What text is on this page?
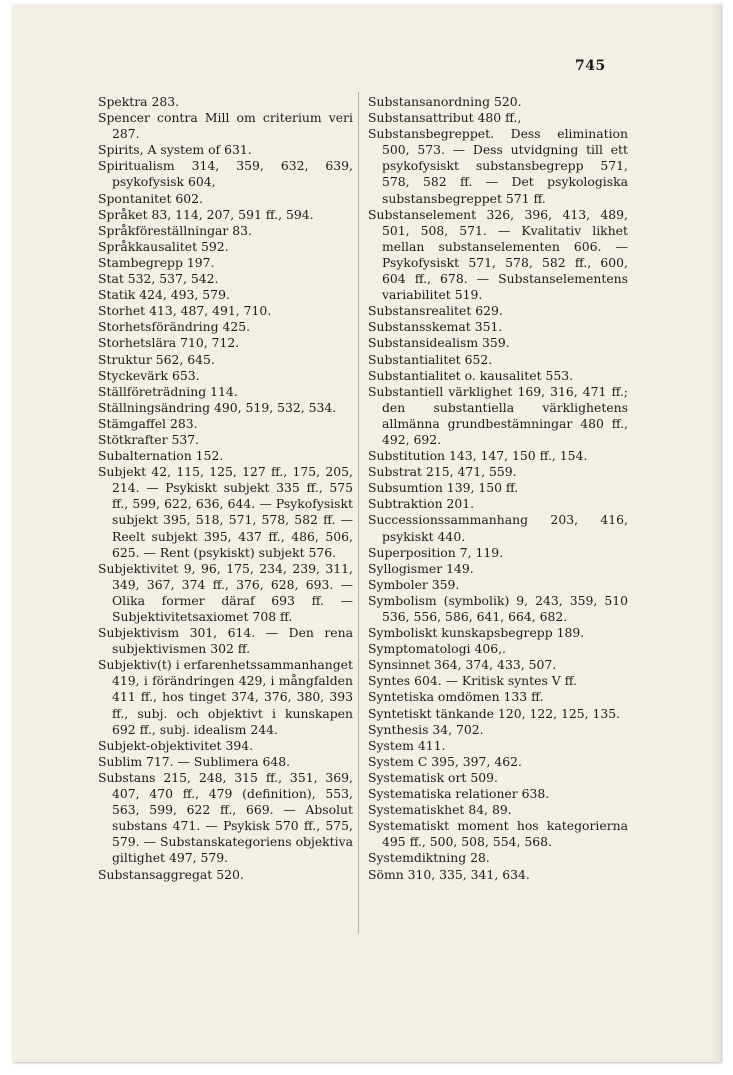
745
Spektra 283.
Spencer contra Mill om criterium veri 287.
Spirits, A system of 631.
Spiritualism 314, 359, 632, 639, psykofysisk 604,
Spontanitet 602.
Språket 83, 114, 207, 591 ff., 594.
Språkföreställningar 83.
Språkkausalitet 592.
Stambegrepp 197.
Stat 532, 537, 542.
Statik 424, 493, 579.
Storhet 413, 487, 491, 710.
Storhetsförändring 425.
Storhetslära 710, 712.
Struktur 562, 645.
Styckevärk 653.
Ställföreträdning 114.
Ställningsändring 490, 519, 532, 534.
Stämgaffel 283.
Stötkrafter 537.
Subalternation 152.
Subjekt 42, 115, 125, 127 ff., 175, 205, 214. — Psykiskt subjekt 335 ff., 575 ff., 599, 622, 636, 644. — Psykofysiskt subjekt 395, 518, 571, 578, 582 ff. — Reelt subjekt 395, 437 ff., 486, 506, 625. — Rent (psykiskt) subjekt 576.
Subjektivitet 9, 96, 175, 234, 239, 311, 349, 367, 374 ff., 376, 628, 693. — Olika former däraf 693 ff. — Subjektivitetsaxiomet 708 ff.
Subjektivism 301, 614. — Den rena subjektivismen 302 ff.
Subjektiv(t) i erfarenhetssammanhanget 419, i förändringen 429, i mångfalden 411 ff., hos tinget 374, 376, 380, 393 ff., subj. och objektivt i kunskapen 692 ff., subj. idealism 244.
Subjekt-objektivitet 394.
Sublim 717. — Sublimera 648.
Substans 215, 248, 315 ff., 351, 369, 407, 470 ff., 479 (definition), 553, 563, 599, 622 ff., 669. — Absolut substans 471. — Psykisk 570 ff., 575, 579. — Substanskategoriens objektiva giltighet 497, 579.
Substansaggregat 520.
Substansanordning 520.
Substansattribut 480 ff.,
Substansbegreppet. Dess elimination 500, 573. — Dess utvidgning till ett psykofysiskt substansbegrepp 571, 578, 582 ff. — Det psykologiska substansbegreppet 571 ff.
Substanselement 326, 396, 413, 489, 501, 508, 571. — Kvalitativ likhet mellan substanselementen 606. — Psykofysiskt 571, 578, 582 ff., 600, 604 ff., 678. — Substanselementens variabilitet 519.
Substansrealitet 629.
Substansskemat 351.
Substansidealism 359.
Substantialitet 652.
Substantialitet o. kausalitet 553.
Substantiell värklighet 169, 316, 471 ff.; den substantiella värklighetens allmänna grundbestämningar 480 ff., 492, 692.
Substitution 143, 147, 150 ff., 154.
Substrat 215, 471, 559.
Subsumtion 139, 150 ff.
Subtraktion 201.
Successionssammanhang 203, 416, psykiskt 440.
Superposition 7, 119.
Syllogismer 149.
Symboler 359.
Symbolism (symbolik) 9, 243, 359, 510 536, 556, 586, 641, 664, 682.
Symboliskt kunskapsbegrepp 189.
Symptomatologi 406,.
Synsinnet 364, 374, 433, 507.
Syntes 604. — Kritisk syntes V ff.
Syntetiska omdömen 133 ff.
Syntetiskt tänkande 120, 122, 125, 135.
Synthesis 34, 702.
System 411.
System C 395, 397, 462.
Systematisk ort 509.
Systematiska relationer 638.
Systematiskhet 84, 89.
Systematiskt moment hos kategorierna 495 ff., 500, 508, 554, 568.
Systemdiktning 28.
Sömn 310, 335, 341, 634.
